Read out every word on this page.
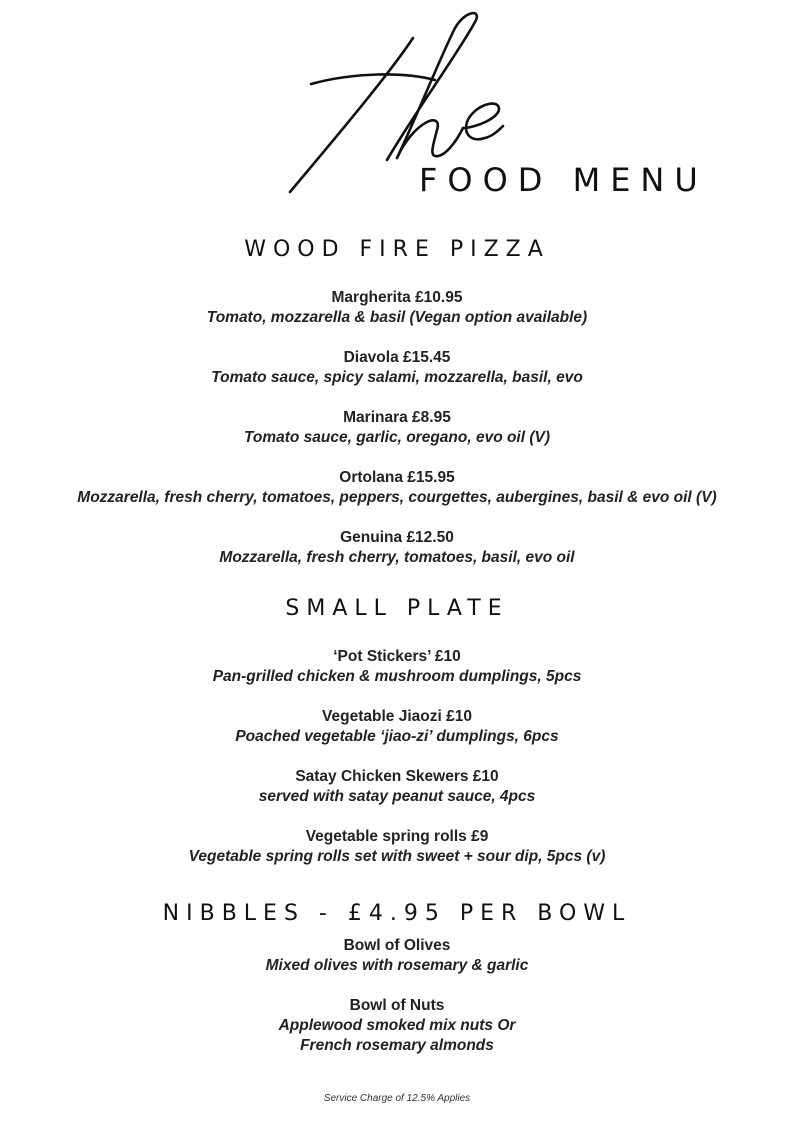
FOOD MENU
WOOD FIRE PIZZA
Margherita £10.95
Tomato, mozzarella & basil (Vegan option available)
Diavola £15.45
Tomato sauce, spicy salami, mozzarella, basil, evo
Marinara £8.95
Tomato sauce, garlic, oregano, evo oil (V)
Ortolana £15.95
Mozzarella, fresh cherry, tomatoes, peppers, courgettes, aubergines, basil & evo oil (V)
Genuina £12.50
Mozzarella, fresh cherry, tomatoes, basil, evo oil
SMALL PLATE
‘Pot Stickers’ £10
Pan-grilled chicken & mushroom dumplings, 5pcs
Vegetable Jiaozi £10
Poached vegetable ‘jiao-zi’ dumplings, 6pcs
Satay Chicken Skewers £10
served with satay peanut sauce, 4pcs
Vegetable spring rolls £9
Vegetable spring rolls set with sweet + sour dip, 5pcs (v)
NIBBLES - £4.95 PER BOWL
Bowl of Olives
Mixed olives with rosemary & garlic
Bowl of Nuts
Applewood smoked mix nuts Or
French rosemary almonds
Service Charge of 12.5% Applies
